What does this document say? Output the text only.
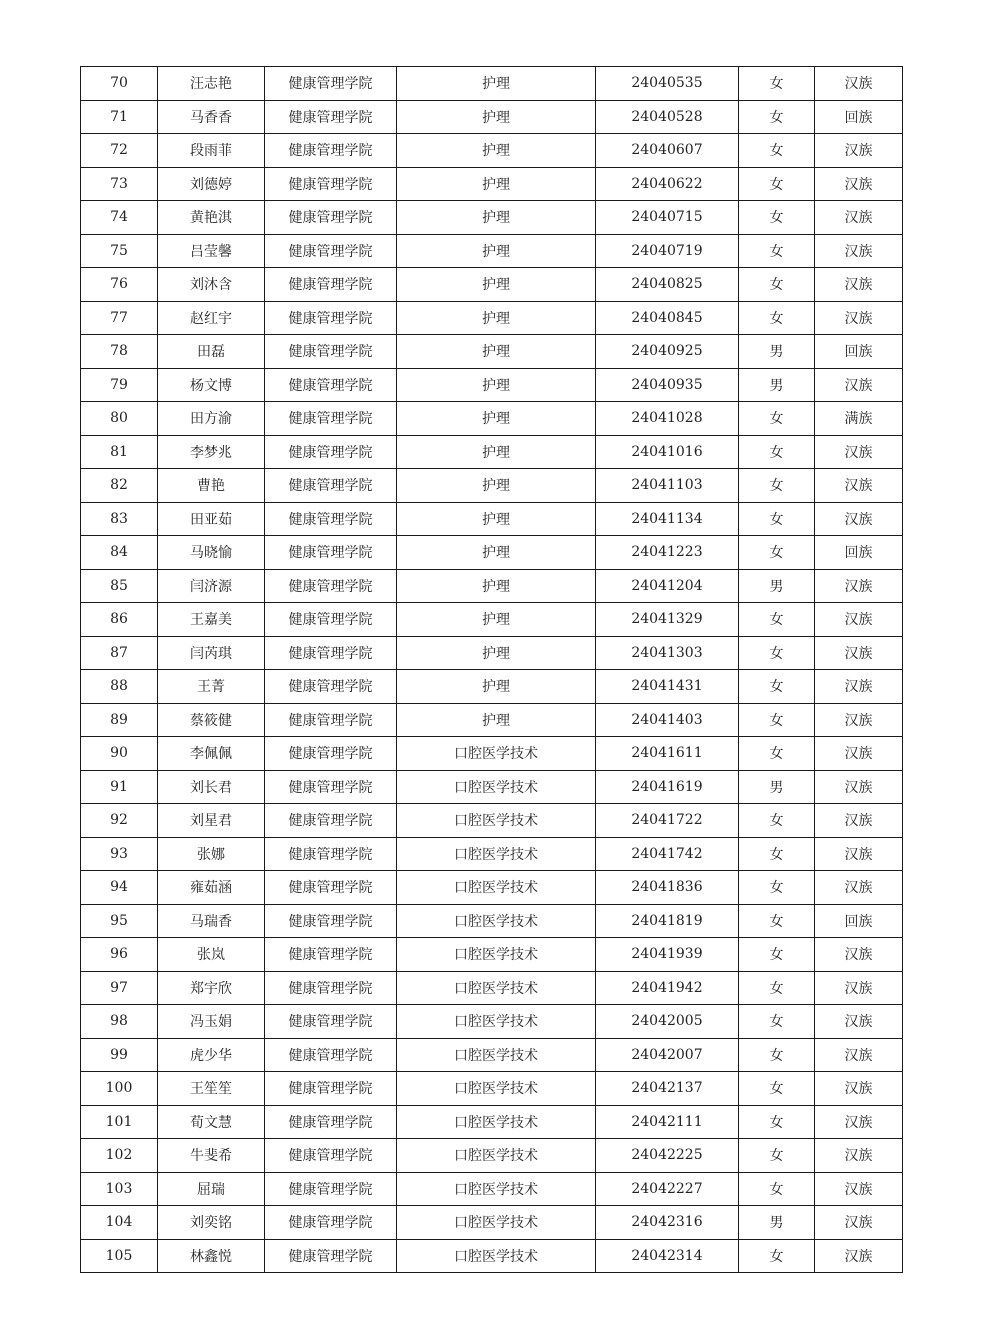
70	汪志艳	健康管理学院	护理	24040535	女	汉族
71	马香香	健康管理学院	护理	24040528	女	回族
72	段雨菲	健康管理学院	护理	24040607	女	汉族
73	刘德婷	健康管理学院	护理	24040622	女	汉族
74	黄艳淇	健康管理学院	护理	24040715	女	汉族
75	吕莹馨	健康管理学院	护理	24040719	女	汉族
76	刘沐含	健康管理学院	护理	24040825	女	汉族
77	赵红宇	健康管理学院	护理	24040845	女	汉族
78	田磊	健康管理学院	护理	24040925	男	回族
79	杨文博	健康管理学院	护理	24040935	男	汉族
80	田方渝	健康管理学院	护理	24041028	女	满族
81	李梦兆	健康管理学院	护理	24041016	女	汉族
82	曹艳	健康管理学院	护理	24041103	女	汉族
83	田亚茹	健康管理学院	护理	24041134	女	汉族
84	马晓愉	健康管理学院	护理	24041223	女	回族
85	闫济源	健康管理学院	护理	24041204	男	汉族
86	王嘉美	健康管理学院	护理	24041329	女	汉族
87	闫芮琪	健康管理学院	护理	24041303	女	汉族
88	王菁	健康管理学院	护理	24041431	女	汉族
89	蔡筱健	健康管理学院	护理	24041403	女	汉族
90	李佩佩	健康管理学院	口腔医学技术	24041611	女	汉族
91	刘长君	健康管理学院	口腔医学技术	24041619	男	汉族
92	刘星君	健康管理学院	口腔医学技术	24041722	女	汉族
93	张娜	健康管理学院	口腔医学技术	24041742	女	汉族
94	雍茹涵	健康管理学院	口腔医学技术	24041836	女	汉族
95	马瑞香	健康管理学院	口腔医学技术	24041819	女	回族
96	张岚	健康管理学院	口腔医学技术	24041939	女	汉族
97	郑宇欣	健康管理学院	口腔医学技术	24041942	女	汉族
98	冯玉娟	健康管理学院	口腔医学技术	24042005	女	汉族
99	虎少华	健康管理学院	口腔医学技术	24042007	女	汉族
100	王笙笙	健康管理学院	口腔医学技术	24042137	女	汉族
101	荀文慧	健康管理学院	口腔医学技术	24042111	女	汉族
102	牛斐希	健康管理学院	口腔医学技术	24042225	女	汉族
103	屈瑞	健康管理学院	口腔医学技术	24042227	女	汉族
104	刘奕铭	健康管理学院	口腔医学技术	24042316	男	汉族
105	林鑫悦	健康管理学院	口腔医学技术	24042314	女	汉族
